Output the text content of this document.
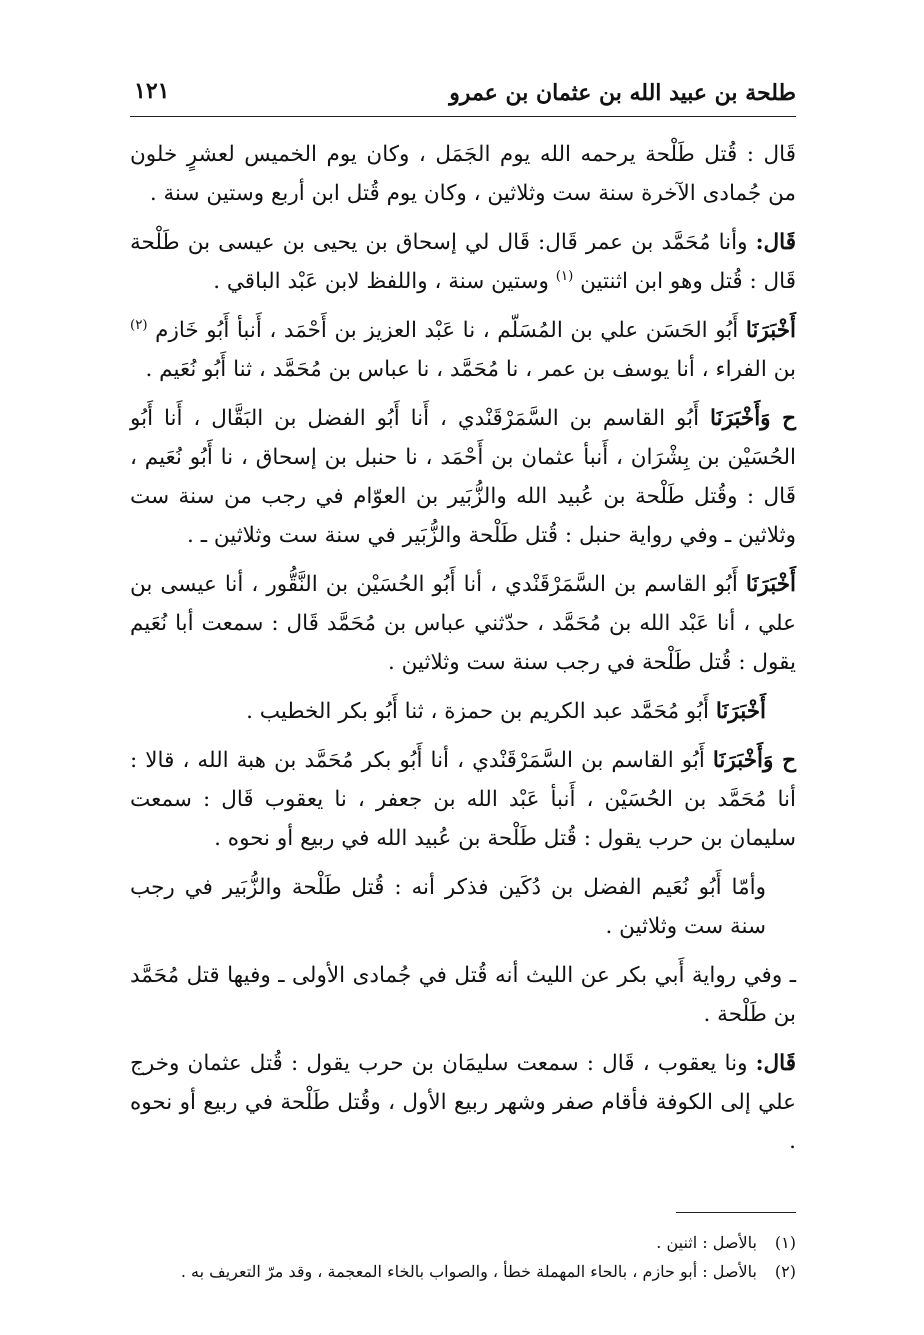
طلحة بن عبيد الله بن عثمان بن عمرو
١٢١

قَال : قُتل طَلْحة يرحمه الله يوم الجَمَل ، وكان يوم الخميس لعشرٍ خلون من جُمادى الآخرة سنة ست وثلاثين ، وكان يوم قُتل ابن أربع وستين سنة .

قَال: وأنا مُحَمَّد بن عمر قَال: قَال لي إسحاق بن يحيى بن عيسى بن طَلْحة قَال : قُتل وهو ابن اثنتين $^{(١)}$ وستين سنة ، واللفظ لابن عَبْد الباقي .

أَخْبَرَنَا أَبُو الحَسَن علي بن المُسَلّم ، نا عَبْد العزيز بن أَحْمَد ، أَنبأ أَبُو خَازم $^{(٢)}$ بن الفراء ، أنا يوسف بن عمر ، نا مُحَمَّد ، نا عباس بن مُحَمَّد ، ثنا أَبُو نُعَيم .

ح وَأَخْبَرَنَا أَبُو القاسم بن السَّمَرْقَنْدي ، أَنا أَبُو الفضل بن البَقَّال ، أَنا أَبُو الحُسَيْن بن بِشْرَان ، أَنبأ عثمان بن أَحْمَد ، نا حنبل بن إسحاق ، نا أَبُو نُعَيم ، قَال : وقُتل طَلْحة بن عُبيد الله والزُّبَير بن العوّام في رجب من سنة ست وثلاثين ـ وفي رواية حنبل : قُتل طَلْحة والزُّبَير في سنة ست وثلاثين ـ .

أَخْبَرَنَا أَبُو القاسم بن السَّمَرْقَنْدي ، أنا أَبُو الحُسَيْن بن النَّقُّور ، أنا عيسى بن علي ، أنا عَبْد الله بن مُحَمَّد ، حدّثني عباس بن مُحَمَّد قَال : سمعت أبا نُعَيم يقول : قُتل طَلْحة في رجب سنة ست وثلاثين .

أَخْبَرَنَا أَبُو مُحَمَّد عبد الكريم بن حمزة ، ثنا أَبُو بكر الخطيب .

ح وَأَخْبَرَنَا أَبُو القاسم بن السَّمَرْقَنْدي ، أنا أَبُو بكر مُحَمَّد بن هبة الله ، قالا : أنا مُحَمَّد بن الحُسَيْن ، أَنبأ عَبْد الله بن جعفر ، نا يعقوب قَال : سمعت سليمان بن حرب يقول : قُتل طَلْحة بن عُبيد الله في ربيع أو نحوه .

وأمّا أَبُو نُعَيم الفضل بن دُكَين فذكر أنه : قُتل طَلْحة والزُّبَير في رجب سنة ست وثلاثين .

ـ وفي رواية أَبي بكر عن الليث أنه قُتل في جُمادى الأولى ـ وفيها قتل مُحَمَّد بن طَلْحة .

قَال: ونا يعقوب ، قَال : سمعت سليمَان بن حرب يقول : قُتل عثمان وخرج علي إلى الكوفة فأقام صفر وشهر ربيع الأول ، وقُتل طَلْحة في ربيع أو نحوه .

(١) بالأصل : اثنين .

(٢) بالأصل : أبو حازم ، بالحاء المهملة خطأ ، والصواب بالخاء المعجمة ، وقد مرّ التعريف به .
